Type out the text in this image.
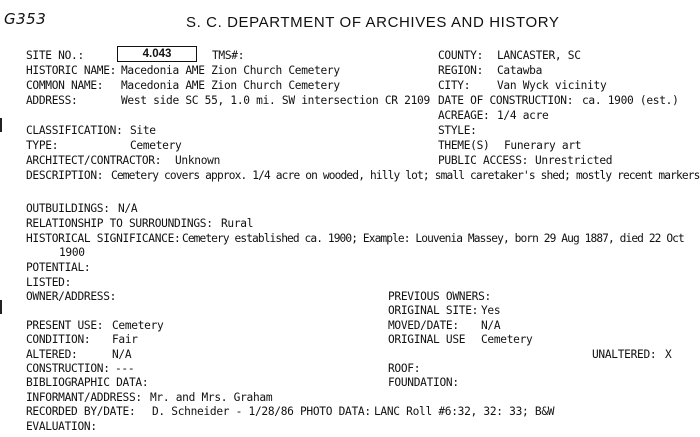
G353	S. C. DEPARTMENT OF ARCHIVES AND HISTORY
SITE NO.:	4.043	TMS#:
HISTORIC NAME: Macedonia AME Zion Church Cemetery
COMMON NAME: Macedonia AME Zion Church Cemetery
ADDRESS:	West side SC 55, 1.0 mi. SW intersection CR 2109
COUNTY: LANCASTER, SC
REGION: Catawba
CITY: Van Wyck vicinity
DATE OF CONSTRUCTION: ca. 1900 (est.)
ACREAGE: 1/4 acre
STYLE:
THEME(S) Funerary art
PUBLIC ACCESS: Unrestricted
CLASSIFICATION: Site
TYPE:	Cemetery
ARCHITECT/CONTRACTOR: Unknown
DESCRIPTION: Cemetery covers approx. 1/4 acre on wooded, hilly lot; small caretaker's shed; mostly recent markers
OUTBUILDINGS: N/A
RELATIONSHIP TO SURROUNDINGS: Rural
HISTORICAL SIGNIFICANCE: Cemetery established ca. 1900; Example: Louvenia Massey, born 29 Aug 1887, died 22 Oct
1900
POTENTIAL:
LISTED:
OWNER/ADDRESS:	PREVIOUS OWNERS:
ORIGINAL SITE: Yes
PRESENT USE: Cemetery	MOVED/DATE: N/A
CONDITION: Fair	ORIGINAL USE Cemetery
ALTERED:	N/A	UNALTERED: X
CONSTRUCTION: ---	ROOF:
BIBLIOGRAPHIC DATA:	FOUNDATION:
INFORMANT/ADDRESS: Mr. and Mrs. Graham
RECORDED BY/DATE: D. Schneider - 1/28/86 PHOTO DATA: LANC Roll #6:32, 32: 33; B&W
EVALUATION:
